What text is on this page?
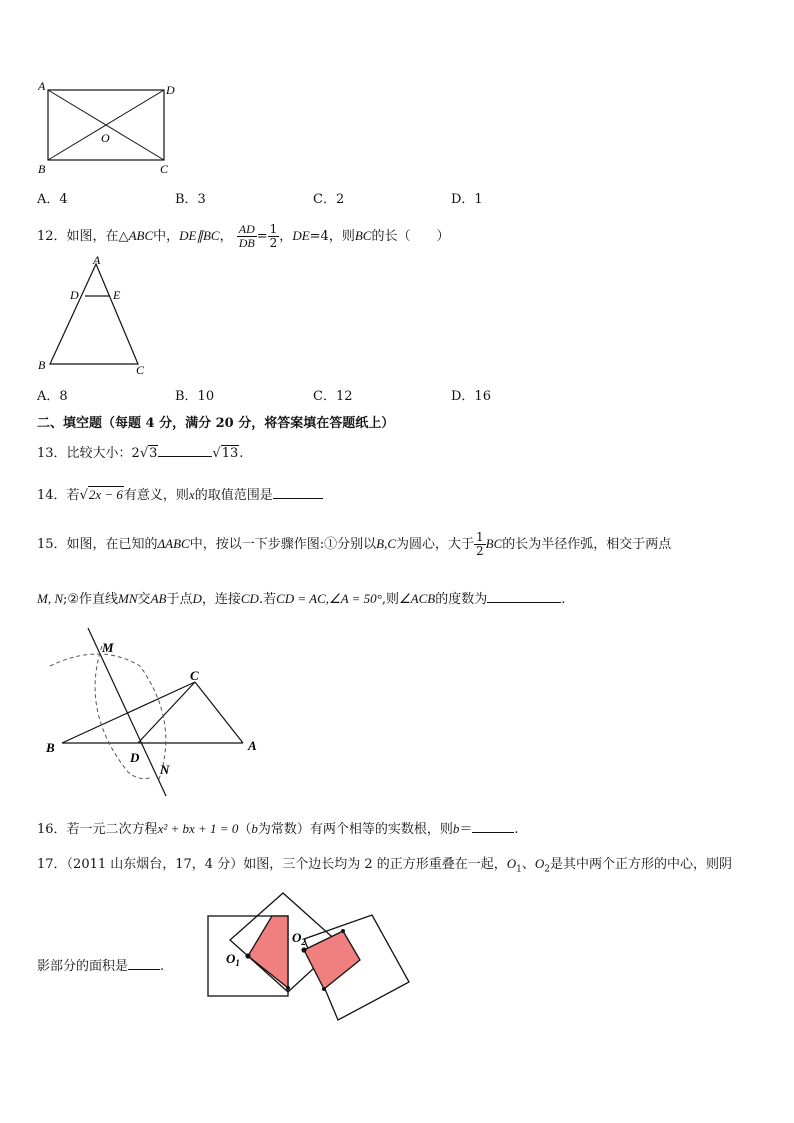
A	D
O
B	C
A．4	B．3	C．2	D．1
12．如图，在△ABC中，DE∥BC， $\frac{AD}{DB} = \frac{1}{2}$ ，DE=4，则BC的长（　　）
A
D	E
B	C
A．8	B．10	C．12	D．16
二、填空题（每题 4 分，满分 20 分，将答案填在答题纸上）
13．比较大小：2√3	√13.
14．若√2x − 6有意义，则x的取值范围是
15．如图，在已知的ΔABC中，按以一下步骤作图:①分别以B,C为圆心，大于 $\frac{1}{2}$ BC的长为半径作弧，相交于两点
M, N;②作直线MN交AB于点D，连接CD.若CD = AC,∠A = 50°,则∠ACB的度数为	.
M
C
B
D
A
N
16．若一元二次方程x² + bx + 1 = 0（b为常数）有两个相等的实数根，则b＝	.
17．（2011 山东烟台，17，4 分）如图，三个边长均为 2 的正方形重叠在一起，$O_1$、$O_2$是其中两个正方形的中心，则阴
影部分的面积是 .
$O_1$
$O_2$
